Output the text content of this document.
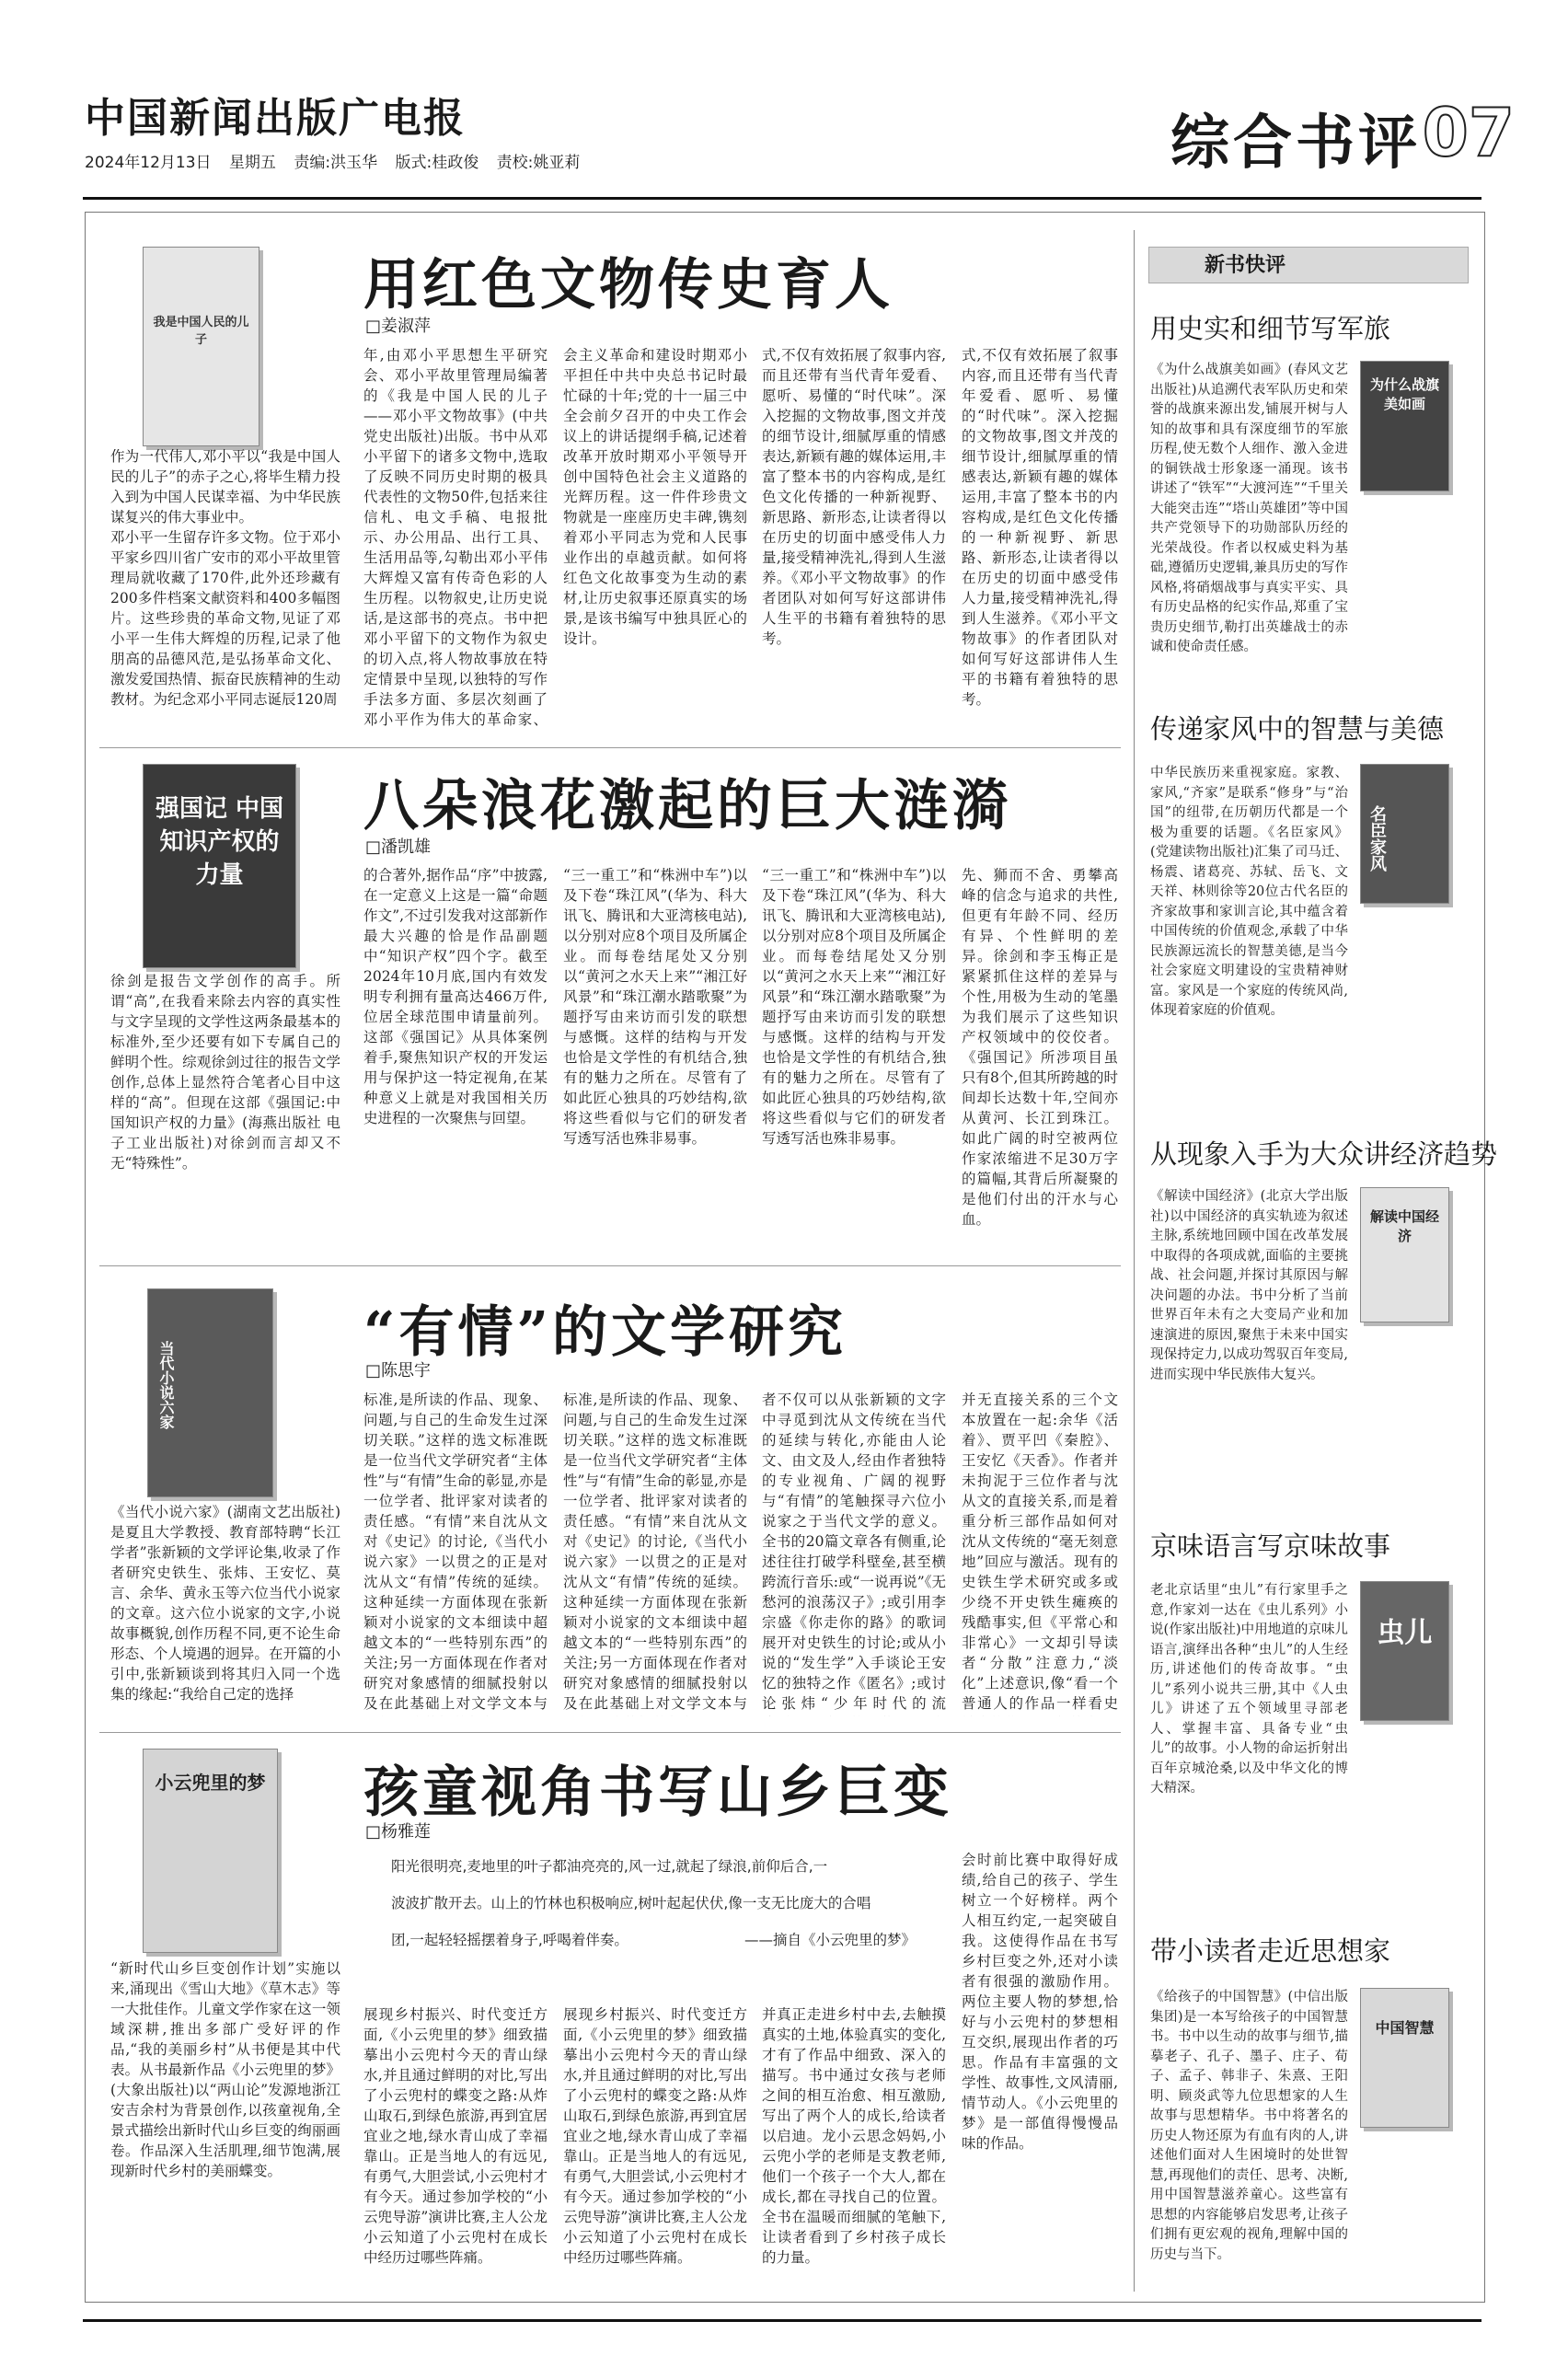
中国新闻出版广电报
2024年12月13日 星期五 责编:洪玉华 版式:桂政俊 责校:姚亚莉	综合书评 07
我是中国人民的儿子
用红色文物传史育人
□姜淑萍
作为一代伟人,邓小平以“我是中国人民的儿子”的赤子之心,将毕生精力投入到为中国人民谋幸福、为中华民族谋复兴的伟大事业中。
邓小平一生留存许多文物。位于邓小平家乡四川省广安市的邓小平故里管理局就收藏了170件,此外还珍藏有200多件档案文献资料和400多幅图片。这些珍贵的革命文物,见证了邓小平一生伟大辉煌的历程,记录了他朋高的品德风范,是弘扬革命文化、激发爱国热情、振奋民族精神的生动教材。为纪念邓小平同志诞辰120周
年,由邓小平思想生平研究会、邓小平故里管理局编著的《我是中国人民的儿子——邓小平文物故事》(中共党史出版社)出版。书中从邓小平留下的诸多文物中,选取了反映不同历史时期的极具代表性的文物50件,包括来往信札、电文手稿、电报批示、办公用品、出行工具、生活用品等,勾勒出邓小平伟大辉煌又富有传奇色彩的人生历程。以物叙史,让历史说话,是这部书的亮点。书中把邓小平留下的文物作为叙史的切入点,将人物故事放在特定情景中呈现,以独特的写作手法多方面、多层次刻画了邓小平作为伟大的革命家、
会主义革命和建设时期邓小平担任中共中央总书记时最忙碌的十年;党的十一届三中全会前夕召开的中央工作会议上的讲话提纲手稿,记述着改革开放时期邓小平领导开创中国特色社会主义道路的光辉历程。这一件件珍贵文物就是一座座历史丰碑,镌刻着邓小平同志为党和人民事业作出的卓越贡献。如何将红色文化故事变为生动的素材,让历史叙事还原真实的场景,是该书编写中独具匠心的设计。
式,不仅有效拓展了叙事内容,而且还带有当代青年爱看、愿听、易懂的“时代味”。深入挖掘的文物故事,图文并茂的细节设计,细腻厚重的情感表达,新颖有趣的媒体运用,丰富了整本书的内容构成,是红色文化传播的一种新视野、新思路、新形态,让读者得以在历史的切面中感受伟人力量,接受精神洗礼,得到人生滋养。《邓小平文物故事》的作者团队对如何写好这部讲伟人生平的书籍有着独特的思考。
式,不仅有效拓展了叙事内容,而且还带有当代青年爱看、愿听、易懂的“时代味”。深入挖掘的文物故事,图文并茂的细节设计,细腻厚重的情感表达,新颖有趣的媒体运用,丰富了整本书的内容构成,是红色文化传播的一种新视野、新思路、新形态,让读者得以在历史的切面中感受伟人力量,接受精神洗礼,得到人生滋养。《邓小平文物故事》的作者团队对如何写好这部讲伟人生平的书籍有着独特的思考。
强国记 中国知识产权的力量
八朵浪花激起的巨大涟漪
□潘凯雄
徐剑是报告文学创作的高手。所谓“高”,在我看来除去内容的真实性与文字呈现的文学性这两条最基本的标准外,至少还要有如下专属自己的鲜明个性。综观徐剑过往的报告文学创作,总体上显然符合笔者心目中这样的“高”。但现在这部《强国记:中国知识产权的力量》(海燕出版社 电子工业出版社)对徐剑而言却又不无“特殊性”。
的合著外,据作品“序”中披露,在一定意义上这是一篇“命题作文”,不过引发我对这部新作最大兴趣的恰是作品副题中“知识产权”四个字。截至2024年10月底,国内有效发明专利拥有量高达466万件,位居全球范围申请量前列。这部《强国记》从具体案例着手,聚焦知识产权的开发运用与保护这一特定视角,在某种意义上就是对我国相关历史进程的一次聚焦与回望。
“三一重工”和“株洲中车”)以及下卷“珠江风”(华为、科大讯飞、腾讯和大亚湾核电站),以分别对应8个项目及所属企业。而每卷结尾处又分别以“黄河之水天上来”“湘江好风景”和“珠江潮水踏歌聚”为题抒写由来访而引发的联想与感慨。这样的结构与开发也恰是文学性的有机结合,独有的魅力之所在。尽管有了如此匠心独具的巧妙结构,欲将这些看似与它们的研发者写透写活也殊非易事。
“三一重工”和“株洲中车”)以及下卷“珠江风”(华为、科大讯飞、腾讯和大亚湾核电站),以分别对应8个项目及所属企业。而每卷结尾处又分别以“黄河之水天上来”“湘江好风景”和“珠江潮水踏歌聚”为题抒写由来访而引发的联想与感慨。这样的结构与开发也恰是文学性的有机结合,独有的魅力之所在。尽管有了如此匠心独具的巧妙结构,欲将这些看似与它们的研发者写透写活也殊非易事。
先、狮而不舍、勇攀高峰的信念与追求的共性,但更有年龄不同、经历有异、个性鲜明的差异。徐剑和李玉梅正是紧紧抓住这样的差异与个性,用极为生动的笔墨为我们展示了这些知识产权领域中的佼佼者。《强国记》所涉项目虽只有8个,但其所跨越的时间却长达数十年,空间亦从黄河、长江到珠江。如此广阔的时空被两位作家浓缩进不足30万字的篇幅,其背后所凝聚的是他们付出的汗水与心血。
当代小说六家
“有情”的文学研究
□陈思宇
《当代小说六家》(湖南文艺出版社)是夏且大学教授、教育部特聘“长江学者”张新颖的文学评论集,收录了作者研究史铁生、张炜、王安忆、莫言、余华、黄永玉等六位当代小说家的文章。这六位小说家的文字,小说故事概貌,创作历程不同,更不论生命形态、个人境遇的迥异。在开篇的小引中,张新颖谈到将其归入同一个选集的缘起:“我给自己定的选择
标准,是所读的作品、现象、问题,与自己的生命发生过深切关联。”这样的选文标准既是一位当代文学研究者“主体性”与“有情”生命的彰显,亦是一位学者、批评家对读者的责任感。“有情”来自沈从文对《史记》的讨论,《当代小说六家》一以贯之的正是对沈从文“有情”传统的延续。这种延续一方面体现在张新颖对小说家的文本细读中超越文本的“一些特别东西”的关注;另一方面体现在作者对研究对象感情的细腻投射以及在此基础上对文学文本与
标准,是所读的作品、现象、问题,与自己的生命发生过深切关联。”这样的选文标准既是一位当代文学研究者“主体性”与“有情”生命的彰显,亦是一位学者、批评家对读者的责任感。“有情”来自沈从文对《史记》的讨论,《当代小说六家》一以贯之的正是对沈从文“有情”传统的延续。这种延续一方面体现在张新颖对小说家的文本细读中超越文本的“一些特别东西”的关注;另一方面体现在作者对研究对象感情的细腻投射以及在此基础上对文学文本与
者不仅可以从张新颖的文字中寻觅到沈从文传统在当代的延续与转化,亦能由人论文、由文及人,经由作者独特的专业视角、广阔的视野与“有情”的笔触探寻六位小说家之于当代文学的意义。全书的20篇文章各有侧重,论述往往打破学科壁垒,甚至横跨流行音乐:或“一说再说”《无愁河的浪荡汉子》;或引用李宗盛《你走你的路》的歌词展开对史铁生的讨论;或从小说的“发生学”入手谈论王安忆的独特之作《匿名》;或讨论张炜“少年时代的流
并无直接关系的三个文本放置在一起:余华《活着》、贾平凹《秦腔》、王安忆《天香》。作者并未拘泥于三位作者与沈从文的直接关系,而是着重分析三部作品如何对沈从文传统的“毫无刻意地”回应与激活。现有的史铁生学术研究或多或少绕不开史铁生瘫痪的残酷事实,但《平常心和非常心》一文却引导读者“分散”注意力,“淡化”上述意识,像“看一个普通人的作品一样看史
小云兜里的梦 孩童视角书写山乡巨变
□杨雅莲
阳光很明亮,麦地里的叶子都油亮亮的,风一过,就起了绿浪,前仰后合,一
波波扩散开去。山上的竹林也积极响应,树叶起起伏伏,像一支无比庞大的合唱
团,一起轻轻摇摆着身子,呼喝着伴奏。	——摘自《小云兜里的梦》
“新时代山乡巨变创作计划”实施以来,涌现出《雪山大地》《草木志》等一大批佳作。儿童文学作家在这一领域深耕,推出多部广受好评的作品,“我的美丽乡村”从书便是其中代表。从书最新作品《小云兜里的梦》(大象出版社)以“两山论”发源地浙江安吉余村为背景创作,以孩童视角,全景式描绘出新时代山乡巨变的绚丽画卷。作品深入生活肌理,细节饱满,展现新时代乡村的美丽蝶变。
展现乡村振兴、时代变迁方面,《小云兜里的梦》细致描摹出小云兜村今天的青山绿水,并且通过鲜明的对比,写出了小云兜村的蝶变之路:从炸山取石,到绿色旅游,再到宜居宜业之地,绿水青山成了幸福靠山。正是当地人的有远见,有勇气,大胆尝试,小云兜村才有今天。通过参加学校的“小云兜导游”演讲比赛,主人公龙小云知道了小云兜村在成长中经历过哪些阵痛。
展现乡村振兴、时代变迁方面,《小云兜里的梦》细致描摹出小云兜村今天的青山绿水,并且通过鲜明的对比,写出了小云兜村的蝶变之路:从炸山取石,到绿色旅游,再到宜居宜业之地,绿水青山成了幸福靠山。正是当地人的有远见,有勇气,大胆尝试,小云兜村才有今天。通过参加学校的“小云兜导游”演讲比赛,主人公龙小云知道了小云兜村在成长中经历过哪些阵痛。
并真正走进乡村中去,去触摸真实的土地,体验真实的变化,才有了作品中细致、深入的描写。书中通过女孩与老师之间的相互治愈、相互激励,写出了两个人的成长,给读者以启迪。龙小云思念妈妈,小云兜小学的老师是支教老师,他们一个孩子一个大人,都在成长,都在寻找自己的位置。全书在温暖而细腻的笔触下,让读者看到了乡村孩子成长的力量。
会时前比赛中取得好成绩,给自己的孩子、学生树立一个好榜样。两个人相互约定,一起突破自我。这使得作品在书写乡村巨变之外,还对小读者有很强的激励作用。两位主要人物的梦想,恰好与小云兜村的梦想相互交织,展现出作者的巧思。作品有丰富强的文学性、故事性,文风清丽,情节动人。《小云兜里的梦》是一部值得慢慢品味的作品。
新书快评
用史实和细节写军旅
为什么战旗美如画
《为什么战旗美如画》(春风文艺出版社)从追溯代表军队历史和荣誉的战旗来源出发,铺展开树与人知的故事和具有深度细节的军旅历程,使无数个人细作、激入金进的铜铁战士形象逐一涌现。该书讲述了“铁军”“大渡河连”“千里关大能突击连”“塔山英雄团”等中国共产党领导下的功勋部队历经的光荣战役。作者以权威史料为基础,遵循历史逻辑,兼具历史的写作风格,将硝烟战事与真实平实、具有历史品格的纪实作品,郑重了宝贵历史细节,勒打出英雄战士的赤诚和使命责任感。
传递家风中的智慧与美德
名臣家风
中华民族历来重视家庭。家教、家风,“齐家”是联系“修身”与“治国”的纽带,在历朝历代都是一个极为重要的话题。《名臣家风》(党建读物出版社)汇集了司马迁、杨震、诸葛亮、苏轼、岳飞、文天祥、林则徐等20位古代名臣的齐家故事和家训言论,其中蕴含着中国传统的价值观念,承载了中华民族源远流长的智慧美德,是当今社会家庭文明建设的宝贵精神财富。家风是一个家庭的传统风尚,体现着家庭的价值观。
从现象入手为大众讲经济趋势
解读中国经济
《解读中国经济》(北京大学出版社)以中国经济的真实轨迹为叙述主脉,系统地回顾中国在改革发展中取得的各项成就,面临的主要挑战、社会问题,并探讨其原因与解决问题的办法。书中分析了当前世界百年未有之大变局产业和加速演进的原因,聚焦于未来中国实现保持定力,以成功驾驭百年变局,进而实现中华民族伟大复兴。
京味语言写京味故事
虫儿
老北京话里“虫儿”有行家里手之意,作家刘一达在《虫儿系列》小说(作家出版社)中用地道的京味儿语言,演绎出各种“虫儿”的人生经历,讲述他们的传奇故事。“虫儿”系列小说共三册,其中《人虫儿》讲述了五个领域里寻部老人、掌握丰富、具备专业“虫儿”的故事。小人物的命运折射出百年京城沧桑,以及中华文化的博大精深。
带小读者走近思想家
中国智慧
《给孩子的中国智慧》(中信出版集团)是一本写给孩子的中国智慧书。书中以生动的故事与细节,描摹老子、孔子、墨子、庄子、荀子、孟子、韩非子、朱熹、王阳明、顾炎武等九位思想家的人生故事与思想精华。书中将著名的历史人物还原为有血有肉的人,讲述他们面对人生困境时的处世智慧,再现他们的责任、思考、决断,用中国智慧滋养童心。这些富有思想的内容能够启发思考,让孩子们拥有更宏观的视角,理解中国的历史与当下。
